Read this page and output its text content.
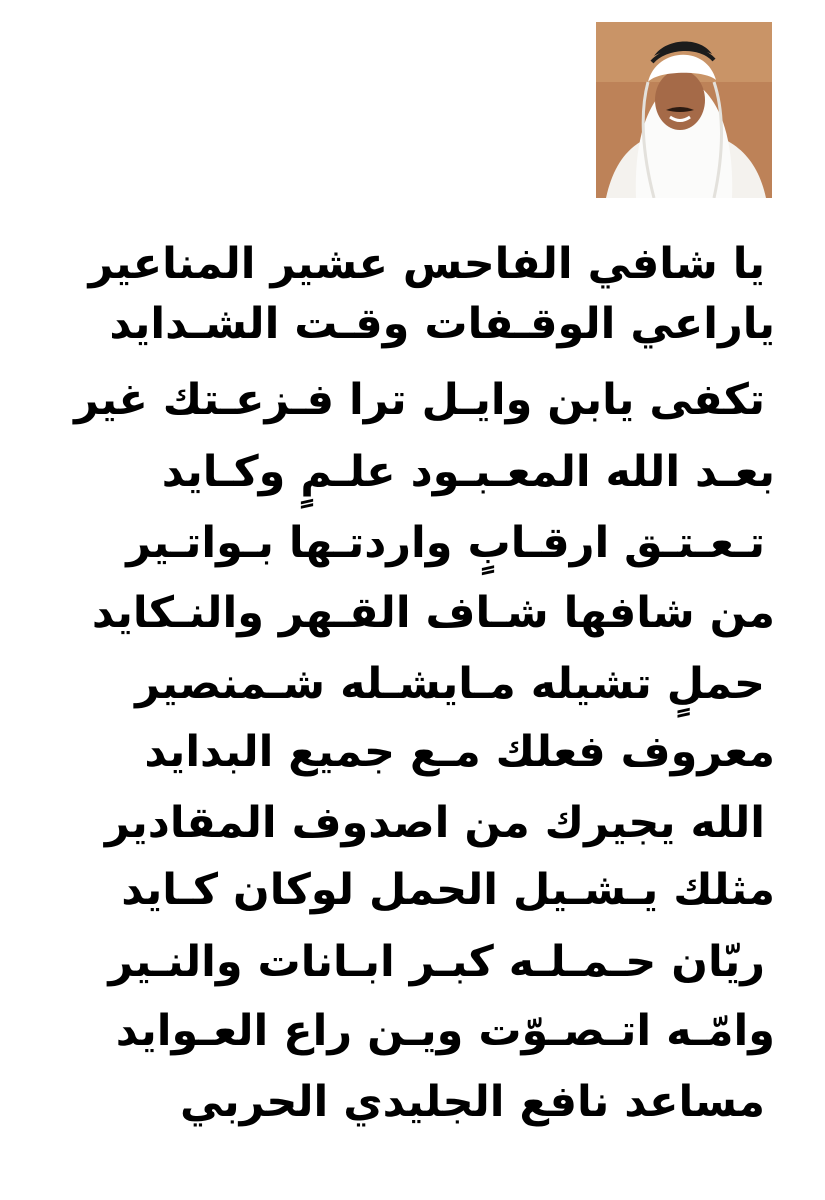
يا شافي الفاحس عشير المناعير
ياراعي الوقـفات وقـت الشـدايد
تكفى يابن وايـل ترا فـزعـتك غير
بعـد الله المعـبـود علـمٍ وكـايد
تـعـتـق ارقـابٍ واردتـها بـواتـير
من شافها شـاف القـهر والنـكايد
حملٍ تشيله مـايشـله شـمنصير
معروف فعلك مـع جميع البدايد
الله يجيرك من اصدوف المقادير
مثلك يـشـيل الحمل لوكان كـايد
ريّان حـمـلـه كبـر ابـانات والنـير
وامّـه اتـصـوّت ويـن راع العـوايد
مساعد نافع الجليدي الحربي
